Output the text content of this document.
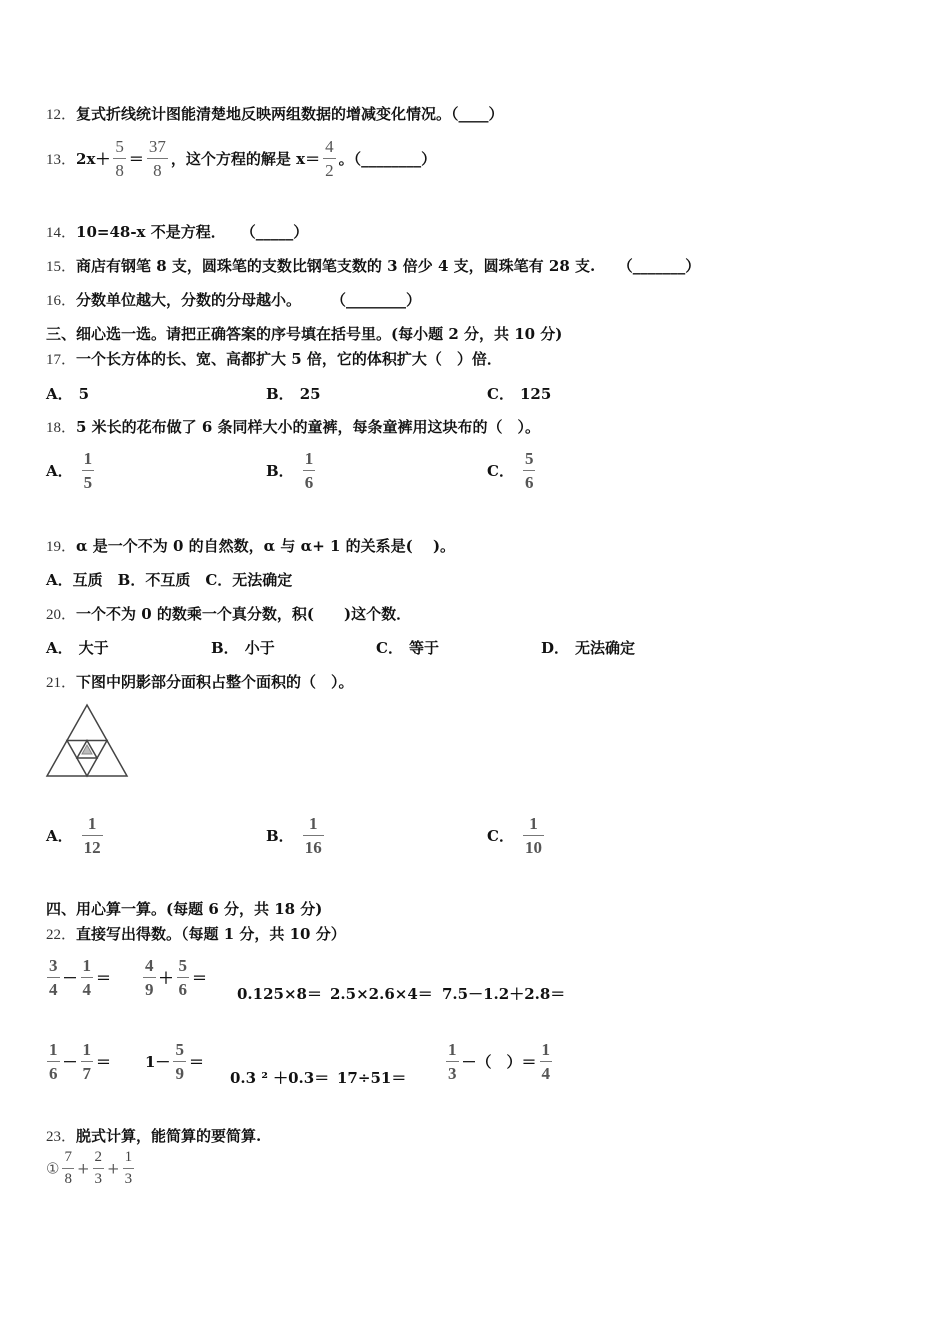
12．复式折线统计图能清楚地反映两组数据的增减变化情况。（____）
13．$2x+ \frac{5}{8} = \frac{37}{8}$ ，这个方程的解是 $x= \frac{4}{2}$ 。（________）
14．10=48-x 不是方程．　　（_____）
15．商店有钢笔 8 支，圆珠笔的支数比钢笔支数的 3 倍少 4 支，圆珠笔有 28 支.　　（_______）
16．分数单位越大，分数的分母越小。　　　（________）
三、细心选一选。请把正确答案的序号填在括号里。(每小题 2 分，共 10 分)
17．一个长方体的长、宽、高都扩大 5 倍，它的体积扩大（　）倍．
A． 5	B． 25	C． 125
18．5 米长的花布做了 6 条同样大小的童裤，每条童裤用这块布的（　）。
A． $\frac{1}{5}$	B． $\frac{1}{6}$	C． $\frac{5}{6}$
19．α 是一个不为 0 的自然数，α 与 α+ 1 的关系是(　 )。
A．互质　B．不互质　C．无法确定
20．一个不为 0 的数乘一个真分数，积(　　)这个数．
A． 大于	B． 小于	C． 等于	D． 无法确定
21．下图中阴影部分面积占整个面积的（　）。
A． $\frac{1}{12}$	B． $\frac{1}{16}$	C． $\frac{1}{10}$
四、用心算一算。(每题 6 分，共 18 分)
22．直接写出得数。（每题 1 分，共 10 分）
$\frac{3}{4} - \frac{1}{4} = \frac{4}{9} + \frac{5}{6}$ ＝
0.125×8＝ 2.5×2.6×4＝ 7.5－1.2＋2.8＝
$\frac{1}{6} - \frac{1}{7} = 1- \frac{5}{9}$ ＝
0.3 $^2 +0.3= 17\div 51= \frac{1}{3}$ －（　）＝ $\frac{1}{4}$
23．脱式计算，能简算的要简算.
① $\frac{7}{8} + \frac{2}{3} + \frac{1}{3}$
